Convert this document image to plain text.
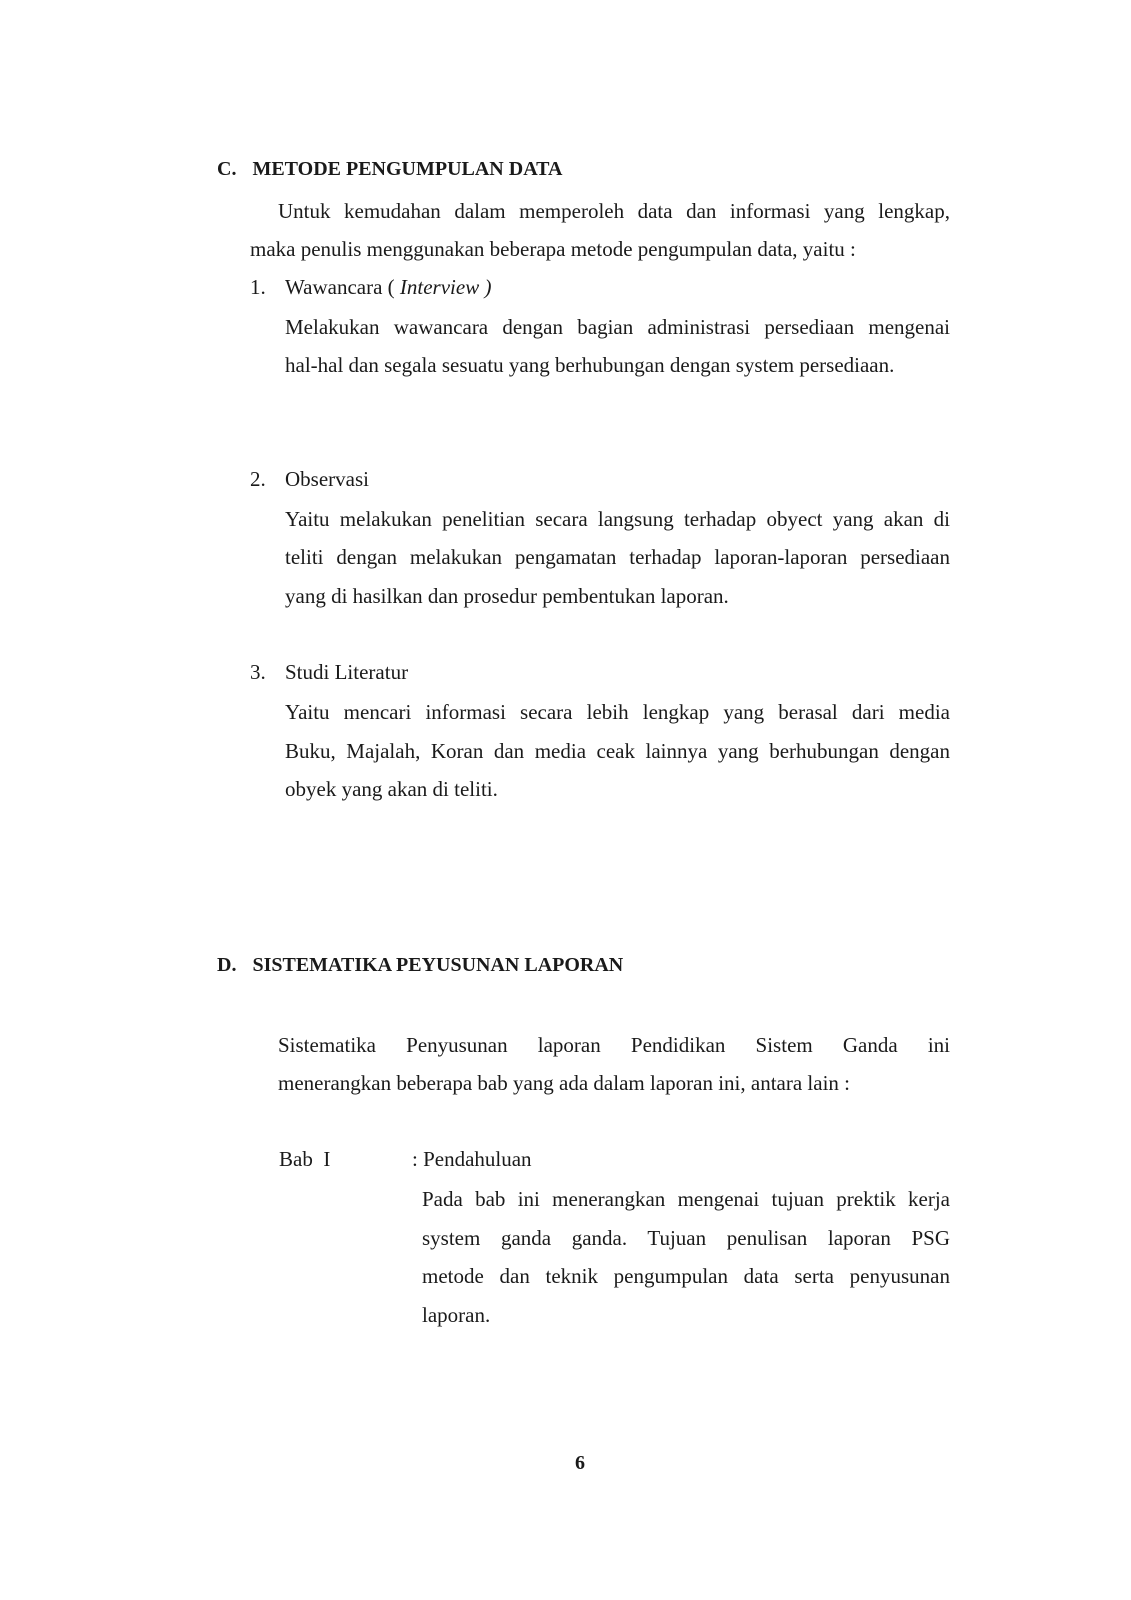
C. METODE PENGUMPULAN DATA
Untuk kemudahan dalam memperoleh data dan informasi yang lengkap,
maka penulis menggunakan beberapa metode pengumpulan data, yaitu :
1. Wawancara ( Interview )
Melakukan wawancara dengan bagian administrasi persediaan mengenai
hal-hal dan segala sesuatu yang berhubungan dengan system persediaan.
2. Observasi
Yaitu melakukan penelitian secara langsung terhadap obyect yang akan di
teliti dengan melakukan pengamatan terhadap laporan-laporan persediaan
yang di hasilkan dan prosedur pembentukan laporan.
3. Studi Literatur
Yaitu mencari informasi secara lebih lengkap yang berasal dari media
Buku, Majalah, Koran dan media ceak lainnya yang berhubungan dengan
obyek yang akan di teliti.
D. SISTEMATIKA PEYUSUNAN LAPORAN
Sistematika Penyusunan laporan Pendidikan Sistem Ganda ini
menerangkan beberapa bab yang ada dalam laporan ini, antara lain :
Bab  I	: Pendahuluan
Pada bab ini menerangkan mengenai tujuan prektik kerja
system ganda ganda. Tujuan penulisan laporan PSG
metode dan teknik pengumpulan data serta penyusunan
laporan.
6
